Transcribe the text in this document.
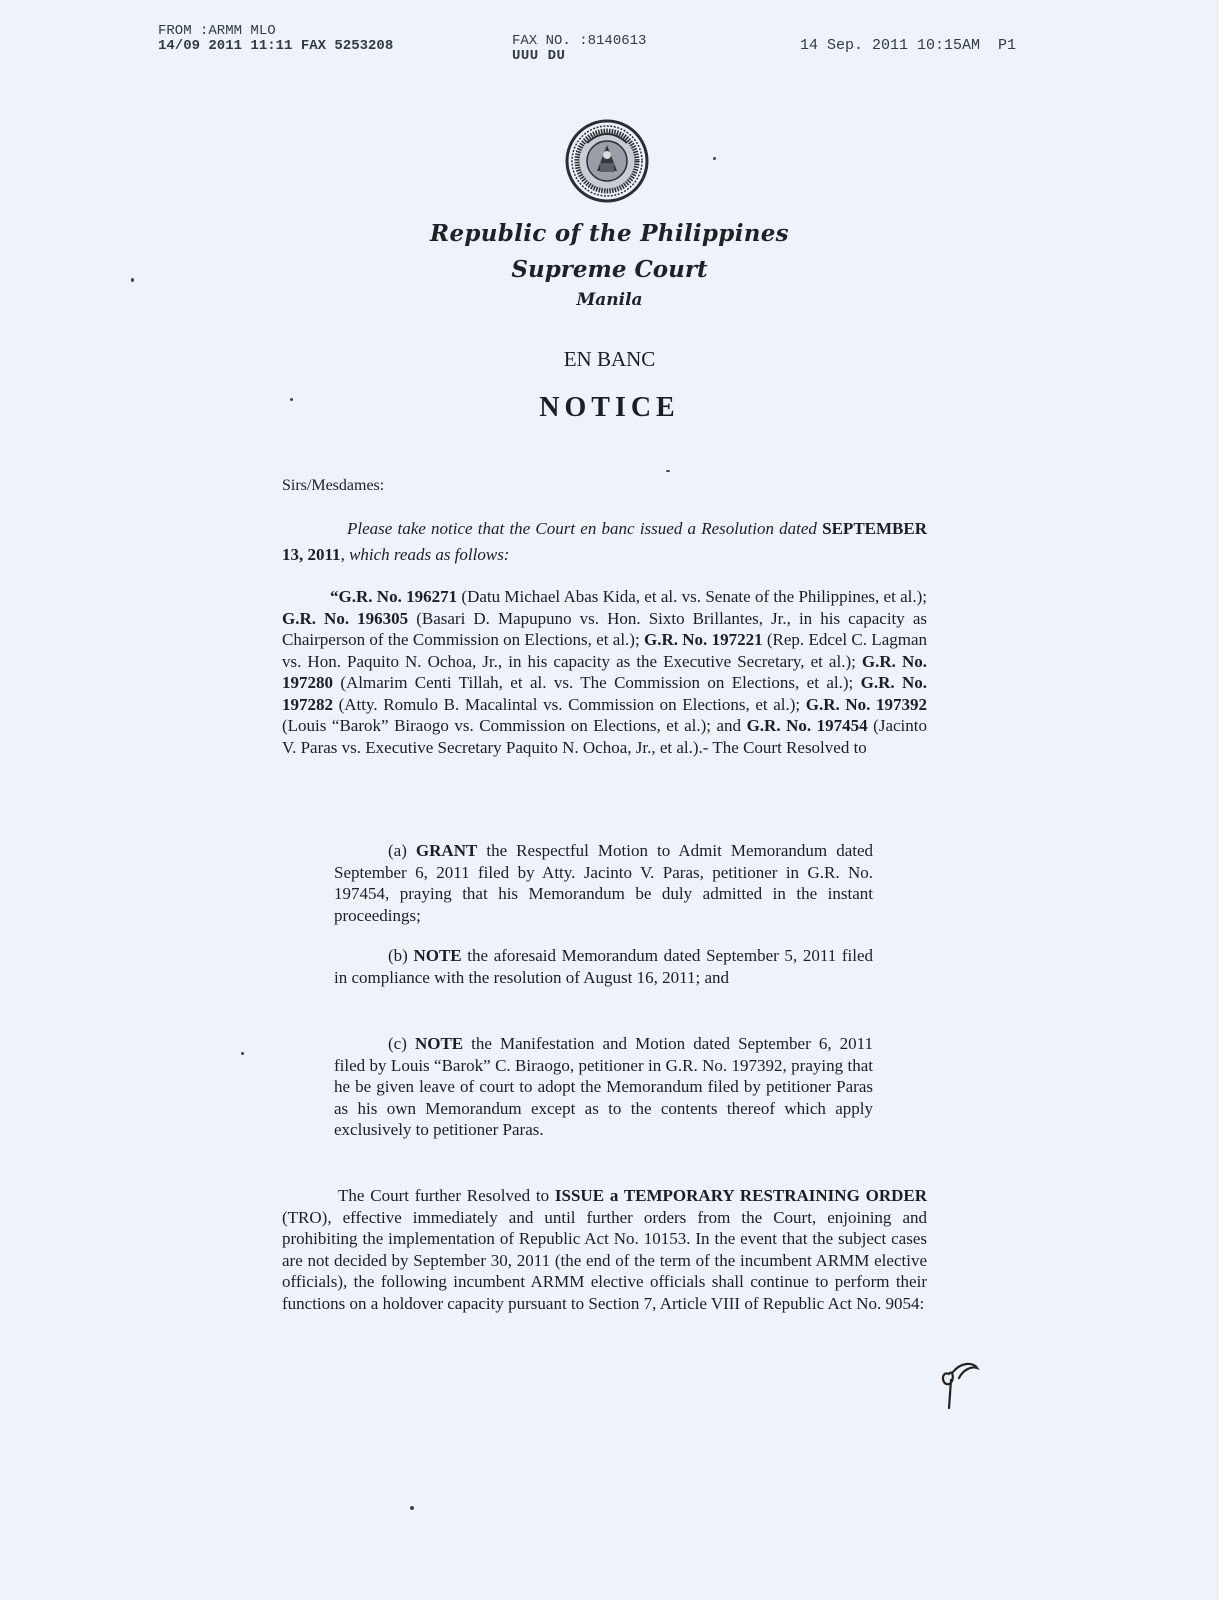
FROM :ARMM MLO
14/09 2011 11:11 FAX 5253208	FAX NO. :8140613
UUU DU
14 Sep. 2011 10:15AM  P1
Republic of the Philippines
Supreme Court
Manila
EN BANC
NOTICE
Sirs/Mesdames:
Please take notice that the Court en banc issued a Resolution dated SEPTEMBER 13, 2011, which reads as follows:

“G.R. No. 196271 (Datu Michael Abas Kida, et al. vs. Senate of the Philippines, et al.); G.R. No. 196305 (Basari D. Mapupuno vs. Hon. Sixto Brillantes, Jr., in his capacity as Chairperson of the Commission on Elections, et al.); G.R. No. 197221 (Rep. Edcel C. Lagman vs. Hon. Paquito N. Ochoa, Jr., in his capacity as the Executive Secretary, et al.); G.R. No. 197280 (Almarim Centi Tillah, et al. vs. The Commission on Elections, et al.); G.R. No. 197282 (Atty. Romulo B. Macalintal vs. Commission on Elections, et al.); G.R. No. 197392 (Louis “Barok” Biraogo vs. Commission on Elections, et al.); and G.R. No. 197454 (Jacinto V. Paras vs. Executive Secretary Paquito N. Ochoa, Jr., et al.).- The Court Resolved to

(a) GRANT the Respectful Motion to Admit Memorandum dated September 6, 2011 filed by Atty. Jacinto V. Paras, petitioner in G.R. No. 197454, praying that his Memorandum be duly admitted in the instant proceedings;

(b) NOTE the aforesaid Memorandum dated September 5, 2011 filed in compliance with the resolution of August 16, 2011; and

(c) NOTE the Manifestation and Motion dated September 6, 2011 filed by Louis “Barok” C. Biraogo, petitioner in G.R. No. 197392, praying that he be given leave of court to adopt the Memorandum filed by petitioner Paras as his own Memorandum except as to the contents thereof which apply exclusively to petitioner Paras.

The Court further Resolved to ISSUE a TEMPORARY RESTRAINING ORDER (TRO), effective immediately and until further orders from the Court, enjoining and prohibiting the implementation of Republic Act No. 10153. In the event that the subject cases are not decided by September 30, 2011 (the end of the term of the incumbent ARMM elective officials), the following incumbent ARMM elective officials shall continue to perform their functions on a holdover capacity pursuant to Section 7, Article VIII of Republic Act No. 9054:
